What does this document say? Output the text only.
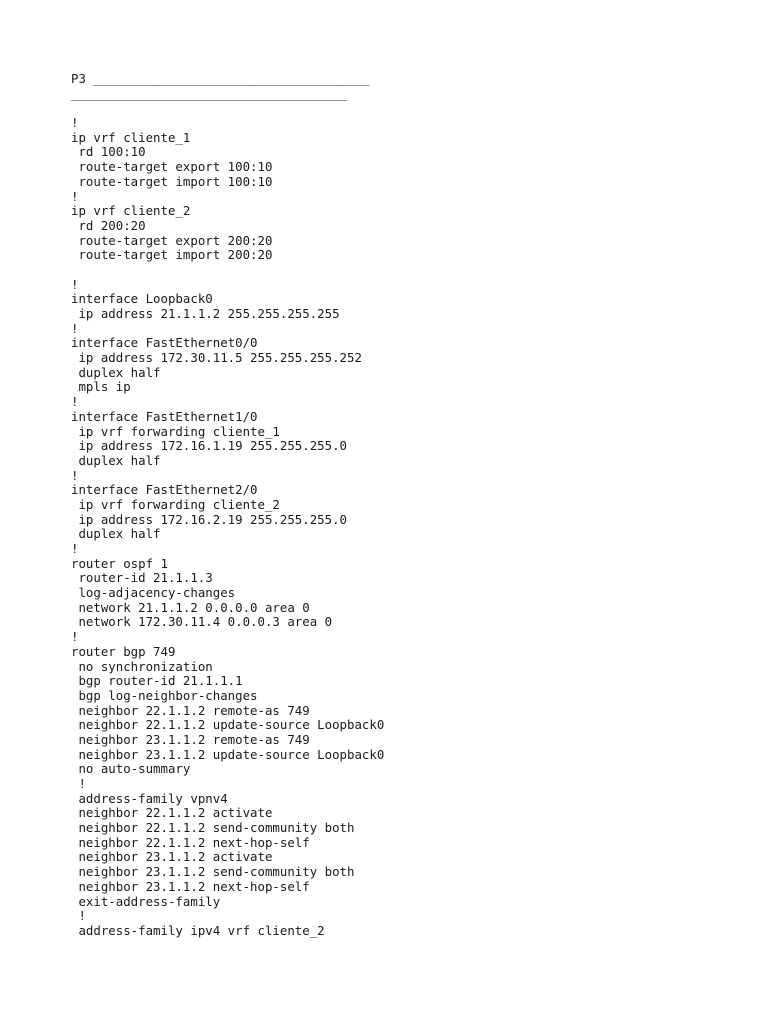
P3 _____________________________________
_____________________________________
!
ip vrf cliente_1
rd 100:10
route-target export 100:10
route-target import 100:10
!
ip vrf cliente_2
rd 200:20
route-target export 200:20
route-target import 200:20
!
interface Loopback0
ip address 21.1.1.2 255.255.255.255
!
interface FastEthernet0/0
ip address 172.30.11.5 255.255.255.252
duplex half
mpls ip
!
interface FastEthernet1/0
ip vrf forwarding cliente_1
ip address 172.16.1.19 255.255.255.0
duplex half
!
interface FastEthernet2/0
ip vrf forwarding cliente_2
ip address 172.16.2.19 255.255.255.0
duplex half
!
router ospf 1
router-id 21.1.1.3
log-adjacency-changes
network 21.1.1.2 0.0.0.0 area 0
network 172.30.11.4 0.0.0.3 area 0
!
router bgp 749
no synchronization
bgp router-id 21.1.1.1
bgp log-neighbor-changes
neighbor 22.1.1.2 remote-as 749
neighbor 22.1.1.2 update-source Loopback0
neighbor 23.1.1.2 remote-as 749
neighbor 23.1.1.2 update-source Loopback0
no auto-summary
!
address-family vpnv4
neighbor 22.1.1.2 activate
neighbor 22.1.1.2 send-community both
neighbor 22.1.1.2 next-hop-self
neighbor 23.1.1.2 activate
neighbor 23.1.1.2 send-community both
neighbor 23.1.1.2 next-hop-self
exit-address-family
!
address-family ipv4 vrf cliente_2
